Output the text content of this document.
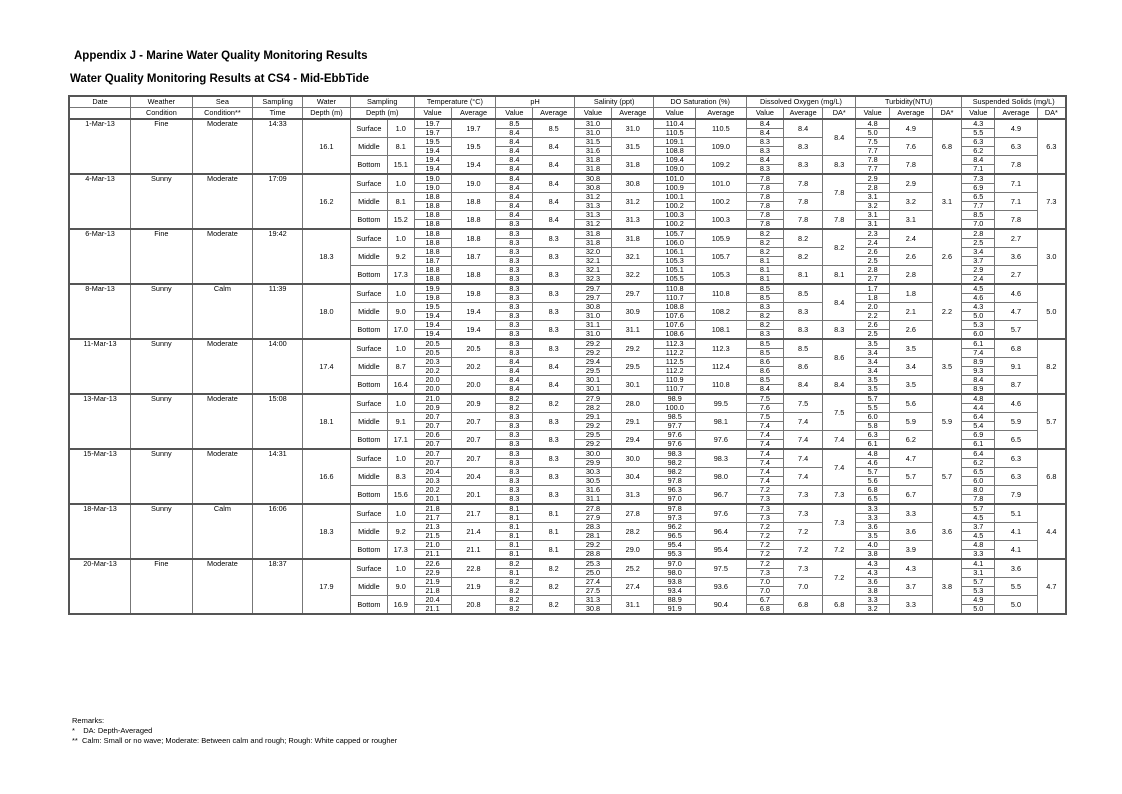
Appendix J - Marine Water Quality Monitoring Results
Water Quality Monitoring Results at CS4 - Mid-EbbTide
Date	Weather	Sea	Sampling	Water	Sampling		Temperature (°C)		pH		Salinity (ppt)		DO Saturation (%)		Dissolved Oxygen (mg/L)			Turbidity(NTU)			Suspended Solids (mg/L)		
	Condition	Condition**	Time	Depth (m)	Depth (m)		Value	Average	Value	Average	Value	Average	Value	Average	Value	Average	DA*	Value	Average	DA*	Value	Average	DA*
1-Mar-13	Fine	Moderate	14:33	16.1	Surface	1.0	19.7	19.7	8.5	8.5	31.0	31.0	110.4	110.5	8.4	8.4	8.4	4.8	4.9	6.8	4.3	4.9	6.3
							19.7		8.4		31.0		110.5		8.4			5.0			5.5		
					Middle	8.1	19.5	19.5	8.4	8.4	31.5	31.5	109.1	109.0	8.3	8.3		7.5	7.6		6.3	6.3	
							19.4		8.4		31.6		108.8		8.3			7.7			6.2		
					Bottom	15.1	19.4	19.4	8.4	8.4	31.8	31.8	109.4	109.2	8.4	8.3	8.3	7.8	7.8		8.4	7.8	
							19.4		8.4		31.8		109.0		8.3			7.7			7.1		
4-Mar-13	Sunny	Moderate	17:09	16.2	Surface	1.0	19.0	19.0	8.4	8.4	30.8	30.8	101.0	101.0	7.8	7.8	7.8	2.9	2.9	3.1	7.3	7.1	7.3
							19.0		8.4		30.8		100.9		7.8			2.8			6.9		
					Middle	8.1	18.8	18.8	8.4	8.4	31.2	31.2	100.1	100.2	7.8	7.8		3.1	3.2		6.5	7.1	
							18.8		8.4		31.3		100.2		7.8			3.2			7.7		
					Bottom	15.2	18.8	18.8	8.4	8.4	31.3	31.3	100.3	100.3	7.8	7.8	7.8	3.1	3.1		8.5	7.8	
							18.8		8.3		31.2		100.2		7.8			3.1			7.0		
6-Mar-13	Fine	Moderate	19:42	18.3	Surface	1.0	18.8	18.8	8.3	8.3	31.8	31.8	105.7	105.9	8.2	8.2	8.2	2.3	2.4	2.6	2.8	2.7	3.0
							18.8		8.3		31.8		106.0		8.2			2.4			2.5		
					Middle	9.2	18.8	18.7	8.3	8.3	32.0	32.1	106.1	105.7	8.2	8.2		2.6	2.6		3.4	3.6	
							18.7		8.3		32.1		105.3		8.1			2.5			3.7		
					Bottom	17.3	18.8	18.8	8.3	8.3	32.1	32.2	105.1	105.3	8.1	8.1	8.1	2.8	2.8		2.9	2.7	
							18.8		8.3		32.3		105.5		8.1			2.7			2.4		
8-Mar-13	Sunny	Calm	11:39	18.0	Surface	1.0	19.9	19.8	8.3	8.3	29.7	29.7	110.8	110.8	8.5	8.5	8.4	1.7	1.8	2.2	4.5	4.6	5.0
							19.8		8.3		29.7		110.7		8.5			1.8			4.6		
					Middle	9.0	19.5	19.4	8.3	8.3	30.8	30.9	108.8	108.2	8.3	8.3		2.0	2.1		4.3	4.7	
							19.4		8.3		31.0		107.6		8.2			2.2			5.0		
					Bottom	17.0	19.4	19.4	8.3	8.3	31.1	31.1	107.6	108.1	8.2	8.3	8.3	2.6	2.6		5.3	5.7	
							19.4		8.3		31.0		108.6		8.3			2.5			6.0		
11-Mar-13	Sunny	Moderate	14:00	17.4	Surface	1.0	20.5	20.5	8.3	8.3	29.2	29.2	112.3	112.3	8.5	8.5	8.6	3.5	3.5	3.5	6.1	6.8	8.2
							20.5		8.3		29.2		112.2		8.5			3.4			7.4		
					Middle	8.7	20.3	20.2	8.4	8.4	29.4	29.5	112.5	112.4	8.6	8.6		3.4	3.4		8.9	9.1	
							20.2		8.4		29.5		112.2		8.6			3.4			9.3		
					Bottom	16.4	20.0	20.0	8.4	8.4	30.1	30.1	110.9	110.8	8.5	8.4	8.4	3.5	3.5		8.4	8.7	
							20.0		8.4		30.1		110.7		8.4			3.5			8.9		
13-Mar-13	Sunny	Moderate	15:08	18.1	Surface	1.0	21.0	20.9	8.2	8.2	27.9	28.0	98.9	99.5	7.5	7.5	7.5	5.7	5.6	5.9	4.8	4.6	5.7
							20.9		8.2		28.2		100.0		7.6			5.5			4.4		
					Middle	9.1	20.7	20.7	8.3	8.3	29.1	29.1	98.5	98.1	7.5	7.4		6.0	5.9		6.4	5.9	
							20.7		8.3		29.2		97.7		7.4			5.8			5.4		
					Bottom	17.1	20.6	20.7	8.3	8.3	29.5	29.4	97.6	97.6	7.4	7.4	7.4	6.3	6.2		6.9	6.5	
							20.7		8.3		29.2		97.6		7.4			6.1			6.1		
15-Mar-13	Sunny	Moderate	14:31	16.6	Surface	1.0	20.7	20.7	8.3	8.3	30.0	30.0	98.3	98.3	7.4	7.4	7.4	4.8	4.7	5.7	6.4	6.3	6.8
							20.7		8.3		29.9		98.2		7.4			4.6			6.2		
					Middle	8.3	20.4	20.4	8.3	8.3	30.3	30.4	98.2	98.0	7.4	7.4		5.7	5.7		6.5	6.3	
							20.3		8.3		30.5		97.8		7.4			5.6			6.0		
					Bottom	15.6	20.2	20.1	8.3	8.3	31.6	31.3	96.3	96.7	7.2	7.3	7.3	6.8	6.7		8.0	7.9	
							20.1		8.3		31.1		97.0		7.3			6.5			7.8		
18-Mar-13	Sunny	Calm	16:06	18.3	Surface	1.0	21.8	21.7	8.1	8.1	27.8	27.8	97.8	97.6	7.3	7.3	7.3	3.3	3.3	3.6	5.7	5.1	4.4
							21.7		8.1		27.9		97.3		7.3			3.3			4.5		
					Middle	9.2	21.3	21.4	8.1	8.1	28.3	28.2	96.2	96.4	7.2	7.2		3.6	3.6		3.7	4.1	
							21.5		8.1		28.1		96.5		7.2			3.5			4.5		
					Bottom	17.3	21.0	21.1	8.1	8.1	29.2	29.0	95.4	95.4	7.2	7.2	7.2	4.0	3.9		4.8	4.1	
							21.1		8.1		28.8		95.3		7.2			3.8			3.3		
20-Mar-13	Fine	Moderate	18:37	17.9	Surface	1.0	22.6	22.8	8.2	8.2	25.3	25.2	97.0	97.5	7.2	7.3	7.2	4.3	4.3	3.8	4.1	3.6	4.7
							22.9		8.1		25.0		98.0		7.3			4.3			3.1		
					Middle	9.0	21.9	21.9	8.2	8.2	27.4	27.4	93.8	93.6	7.0	7.0		3.6	3.7		5.7	5.5	
							21.8		8.2		27.5		93.4		7.0			3.8			5.3		
					Bottom	16.9	20.4	20.8	8.2	8.2	31.3	31.1	88.9	90.4	6.7	6.8	6.8	3.3	3.3		4.9	5.0	
							21.1		8.2		30.8		91.9		6.8			3.2			5.0		
Remarks:
* DA: Depth-Averaged
** Calm: Small or no wave; Moderate: Between calm and rough; Rough: White capped or rougher
